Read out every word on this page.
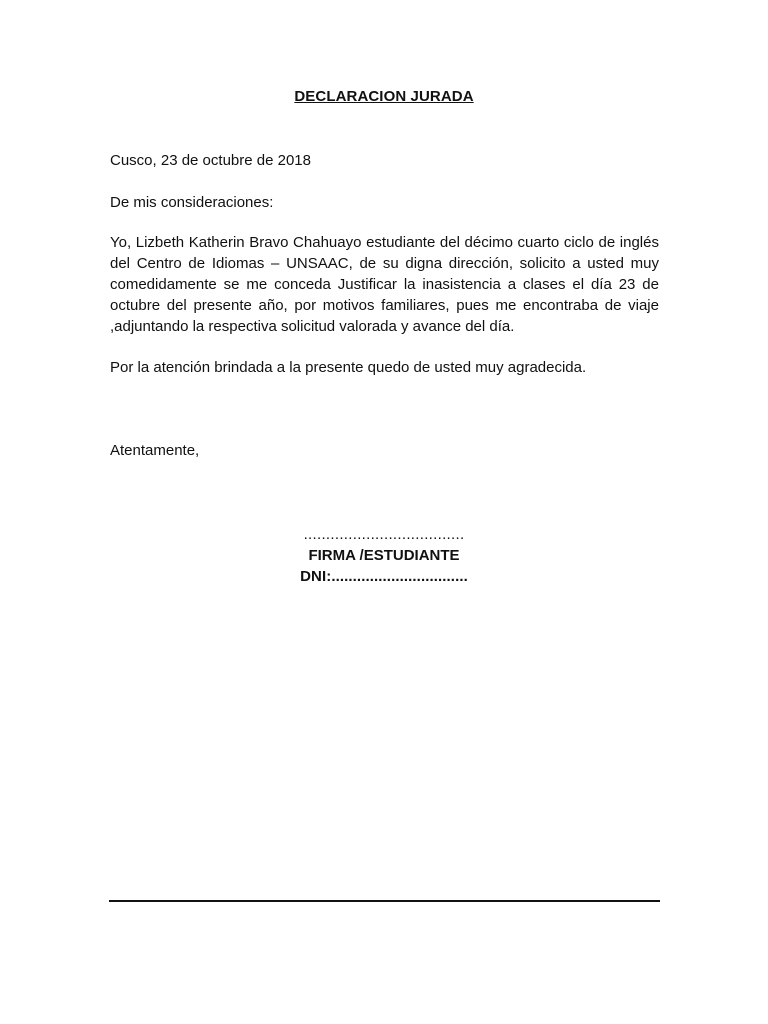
DECLARACION JURADA
Cusco, 23 de octubre de 2018
De mis consideraciones:
Yo, Lizbeth Katherin Bravo Chahuayo estudiante del décimo cuarto ciclo de inglés del Centro de Idiomas – UNSAAC, de su digna dirección, solicito a usted muy comedidamente se me conceda Justificar la inasistencia a clases el día 23 de octubre del presente año, por motivos familiares, pues me encontraba de viaje ,adjuntando la respectiva solicitud valorada y avance del día.
Por la atención brindada a la presente quedo de usted muy agradecida.
Atentamente,
....................................
FIRMA /ESTUDIANTE
DNI:................................
